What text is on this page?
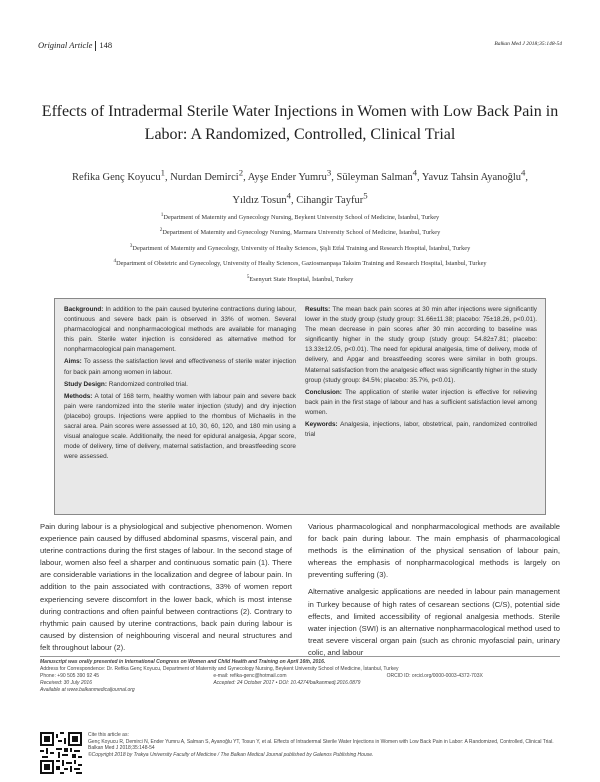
Original Article 148	Balkan Med J 2018;35:148-54
Effects of Intradermal Sterile Water Injections in Women with Low Back Pain in Labor: A Randomized, Controlled, Clinical Trial
Refika Genç Koyucu$^1$, Nurdan Demirci$^2$, Ayşe Ender Yumru$^3$, Süleyman Salman$^4$, Yavuz Tahsin Ayanoğlu$^4$,
Yıldız Tosun$^4$, Cihangir Tayfur$^5$
$^1$Department of Maternity and Gynecology Nursing, Beykent University School of Medicine, İstanbul, Turkey
$^2$Department of Maternity and Gynecology Nursing, Marmara University School of Medicine, İstanbul, Turkey
$^3$Department of Maternity and Gynecology, University of Healty Sciences, Şişli Etfal Training and Research Hospital, İstanbul, Turkey
$^4$Department of Obstetric and Gynecology, University of Healty Sciences, Gaziosmanpaşa Taksim Training and Research Hospital, İstanbul, Turkey
$^5$Esenyurt State Hospital, İstanbul, Turkey

Background: In addition to the pain caused byuterine contractions during labour, continuous and severe back pain is observed in 33% of women. Several pharmacological and nonpharmacological methods are available for managing this pain. Sterile water injection is considered as alternative method for nonpharmacological pain management.

Aims: To assess the satisfaction level and effectiveness of sterile water injection for back pain among women in labour.

Study Design: Randomized controlled trial.

Methods: A total of 168 term, healthy women with labour pain and severe back pain were randomized into the sterile water injection (study) and dry injection (placebo) groups. Injections were applied to the rhombus of Michaelis in the sacral area. Pain scores were assessed at 10, 30, 60, 120, and 180 min using a visual analogue scale. Additionally, the need for epidural analgesia, Apgar score, mode of delivery, time of delivery, maternal satisfaction, and breastfeeding score were assessed.

Results: The mean back pain scores at 30 min after injections were significantly lower in the study group (study group: 31.66±11.38; placebo: 75±18.26, p<0.01). The mean decrease in pain scores after 30 min according to baseline was significantly higher in the study group (study group: 54.82±7.81; placebo: 13.33±12.05, p<0.01). The need for epidural analgesia, time of delivery, mode of delivery, and Apgar and breastfeeding scores were similar in both groups. Maternal satisfaction from the analgesic effect was significantly higher in the study group (study group: 84.5%; placebo: 35.7%, p<0.01).

Conclusion: The application of sterile water injection is effective for relieving back pain in the first stage of labour and has a sufficient satisfaction level among women.

Keywords: Analgesia, injections, labor, obstetrical, pain, randomized controlled trial

Pain during labour is a physiological and subjective phenomenon. Women experience pain caused by diffused abdominal spasms, visceral pain, and uterine contractions during the first stages of labour. In the second stage of labour, women also feel a sharper and continuous somatic pain (1). There are considerable variations in the localization and degree of labour pain. In addition to the pain associated with contractions, 33% of women report experiencing severe discomfort in the lower back, which is most intense during contractions and often painful between contractions (2). Contrary to rhythmic pain caused by uterine contractions, back pain during labour is caused by distension of neighbouring visceral and neural structures and felt throughout labour (2).

Various pharmacological and nonpharmacological methods are available for back pain during labour. The main emphasis of pharmacological methods is the elimination of the physical sensation of labour pain, whereas the emphasis of nonpharmacological methods is largely on preventing suffering (3).

Alternative analgesic applications are needed in labour pain management in Turkey because of high rates of cesarean sections (C/S), potential side effects, and limited accessibility of regional analgesia methods. Sterile water injection (SWI) is an alternative nonpharmacological method used to treat severe visceral organ pain (such as chronic myofascial pain, urinary colic, and labour

Manuscript was orally presented in International Congress on Women and Child Health and Training on April 16th, 2016.
Address for Correspondence: Dr. Refika Genç Koyucu, Department of Maternity and Gynecology Nursing, Beykent University School of Medicine, İstanbul, Turkey
Phone: +90 505 390 92 45	e-mail: refika-genc@hotmail.com	ORCID ID: orcid.org/0000-0003-4372-703X
Received: 30 July 2016	Accepted: 24 October 2017 • DOI: 10.4274/balkanmedj.2016.0879
Available at www.balkanmedicaljournal.org
Cite this article as:
Genç Koyucu R, Demirci N, Ender Yumru A, Salman S, Ayanoğlu YT, Tosun Y, et al. Effects of Intradermal Sterile Water Injections in Women with Low Back Pain in Labor: A Randomized, Controlled, Clinical Trial. Balkan Med J 2018;35:148-54
©Copyright 2018 by Trakya University Faculty of Medicine / The Balkan Medical Journal published by Galenos Publishing House.
